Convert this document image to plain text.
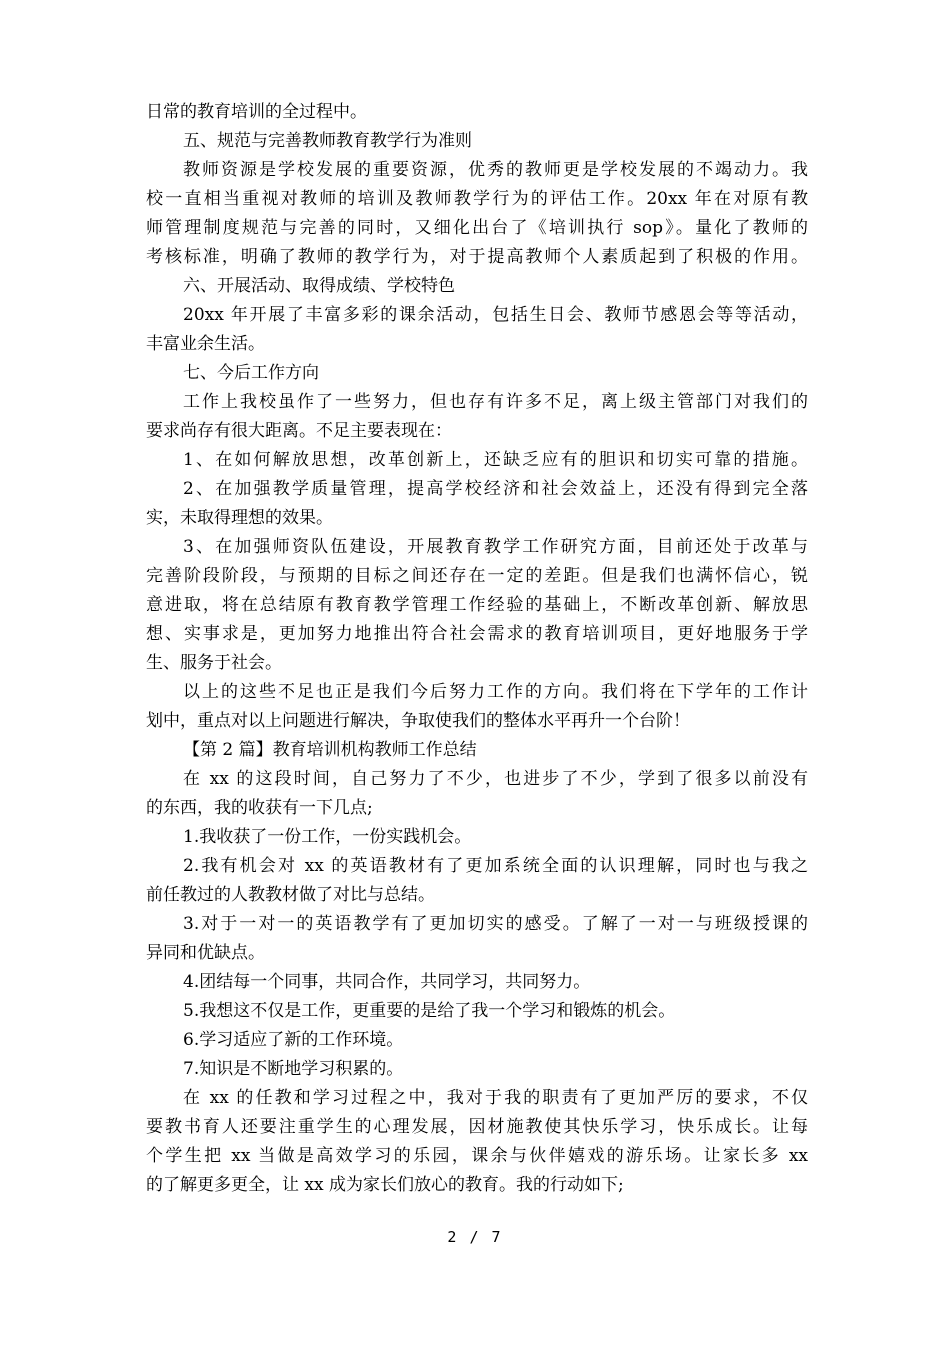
日常的教育培训的全过程中。
五、规范与完善教师教育教学行为准则
教师资源是学校发展的重要资源，优秀的教师更是学校发展的不竭动力。我
校一直相当重视对教师的培训及教师教学行为的评估工作。20xx 年在对原有教
师管理制度规范与完善的同时，又细化出台了《培训执行 sop》。量化了教师的
考核标准，明确了教师的教学行为，对于提高教师个人素质起到了积极的作用。
六、开展活动、取得成绩、学校特色
20xx 年开展了丰富多彩的课余活动，包括生日会、教师节感恩会等等活动，
丰富业余生活。
七、今后工作方向
工作上我校虽作了一些努力，但也存有许多不足，离上级主管部门对我们的
要求尚存有很大距离。不足主要表现在：
1、在如何解放思想，改革创新上，还缺乏应有的胆识和切实可靠的措施。
2、在加强教学质量管理，提高学校经济和社会效益上，还没有得到完全落
实，未取得理想的效果。
3、在加强师资队伍建设，开展教育教学工作研究方面，目前还处于改革与
完善阶段阶段，与预期的目标之间还存在一定的差距。但是我们也满怀信心，锐
意进取，将在总结原有教育教学管理工作经验的基础上，不断改革创新、解放思
想、实事求是，更加努力地推出符合社会需求的教育培训项目，更好地服务于学
生、服务于社会。
以上的这些不足也正是我们今后努力工作的方向。我们将在下学年的工作计
划中，重点对以上问题进行解决，争取使我们的整体水平再升一个台阶！
【第 2 篇】教育培训机构教师工作总结
在 xx 的这段时间，自己努力了不少，也进步了不少，学到了很多以前没有
的东西，我的收获有一下几点;
1.我收获了一份工作，一份实践机会。
2.我有机会对 xx 的英语教材有了更加系统全面的认识理解，同时也与我之
前任教过的人教教材做了对比与总结。
3.对于一对一的英语教学有了更加切实的感受。了解了一对一与班级授课的
异同和优缺点。
4.团结每一个同事，共同合作，共同学习，共同努力。
5.我想这不仅是工作，更重要的是给了我一个学习和锻炼的机会。
6.学习适应了新的工作环境。
7.知识是不断地学习积累的。
在 xx 的任教和学习过程之中，我对于我的职责有了更加严厉的要求，不仅
要教书育人还要注重学生的心理发展，因材施教使其快乐学习，快乐成长。让每
个学生把 xx 当做是高效学习的乐园，课余与伙伴嬉戏的游乐场。让家长多 xx
的了解更多更全，让 xx 成为家长们放心的教育。我的行动如下;
2 / 7
